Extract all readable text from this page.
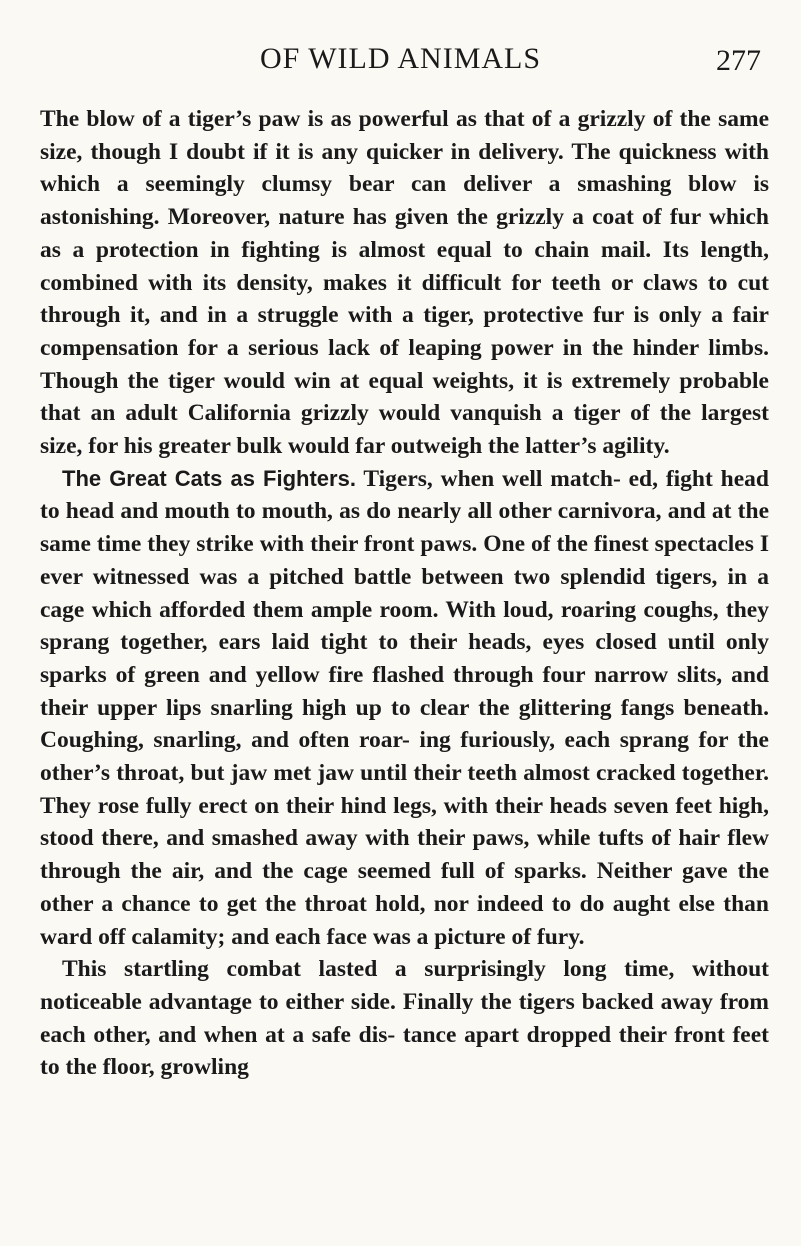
OF WILD ANIMALS	277

The blow of a tiger’s paw is as powerful as that of a grizzly of the same size, though I doubt if it is any quicker in delivery. The quickness with which a seemingly clumsy bear can deliver a smashing blow is astonishing. Moreover, nature has given the grizzly a coat of fur which as a protection in fighting is almost equal to chain mail. Its length, combined with its density, makes it difficult for teeth or claws to cut through it, and in a struggle with a tiger, protective fur is only a fair compensation for a serious lack of leaping power in the hinder limbs. Though the tiger would win at equal weights, it is extremely probable that an adult California grizzly would vanquish a tiger of the largest size, for his greater bulk would far outweigh the latter’s agility.

The Great Cats as Fighters. Tigers, when well match- ed, fight head to head and mouth to mouth, as do nearly all other carnivora, and at the same time they strike with their front paws. One of the finest spectacles I ever witnessed was a pitched battle between two splendid tigers, in a cage which afforded them ample room. With loud, roaring coughs, they sprang together, ears laid tight to their heads, eyes closed until only sparks of green and yellow fire flashed through four narrow slits, and their upper lips snarling high up to clear the glittering fangs beneath. Coughing, snarling, and often roar- ing furiously, each sprang for the other’s throat, but jaw met jaw until their teeth almost cracked together. They rose fully erect on their hind legs, with their heads seven feet high, stood there, and smashed away with their paws, while tufts of hair flew through the air, and the cage seemed full of sparks. Neither gave the other a chance to get the throat hold, nor indeed to do aught else than ward off calamity; and each face was a picture of fury.

This startling combat lasted a surprisingly long time, without noticeable advantage to either side. Finally the tigers backed away from each other, and when at a safe dis- tance apart dropped their front feet to the floor, growling
